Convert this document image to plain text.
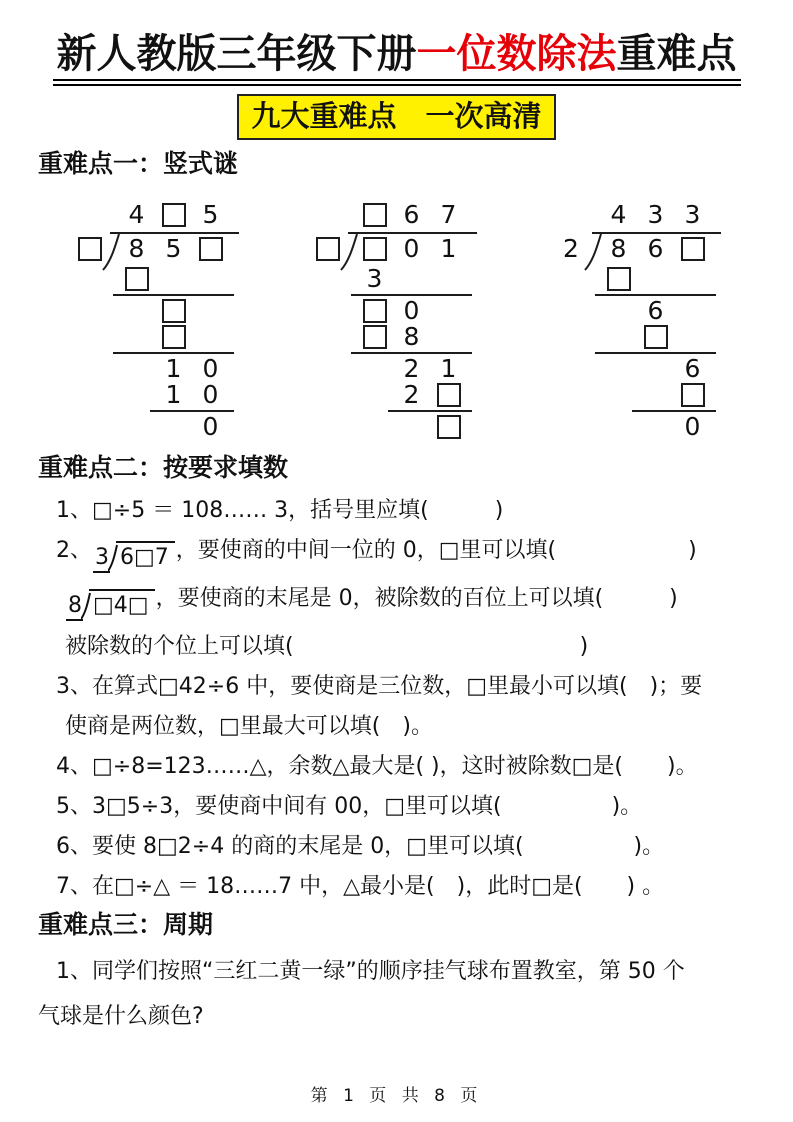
新人教版三年级下册一位数除法重难点
九大重难点　一次高清
重难点一：竖式谜
4	5
8 5
1 0
1 0
0
6 7
0 1
3
0
8
2 1
2
4 3 3
2	8 6
6
6
0
重难点二：按要求填数
1、□÷5 ＝ 108…… 3，括号里应填(　　　)
2、 3 6□7 ，要使商的中间一位的 0，□里可以填(　　　　　　)
8 □4□ ，要使商的末尾是 0，被除数的百位上可以填(　　　)
被除数的个位上可以填(　　　　　　　　　　　　　)
3、在算式□42÷6 中，要使商是三位数，□里最小可以填(　)；要
使商是两位数，□里最大可以填(　)。
4、□÷8=123……△，余数△最大是( )，这时被除数□是(　　)。
5、3□5÷3，要使商中间有 00，□里可以填(　　　　　)。
6、要使 8□2÷4 的商的末尾是 0，□里可以填(　　　　　)。
7、在□÷△ ＝ 18……7 中，△最小是(　)，此时□是(　　) 。
重难点三：周期
1、同学们按照“三红二黄一绿”的顺序挂气球布置教室，第 50 个
气球是什么颜色?
第 1 页 共 8 页
